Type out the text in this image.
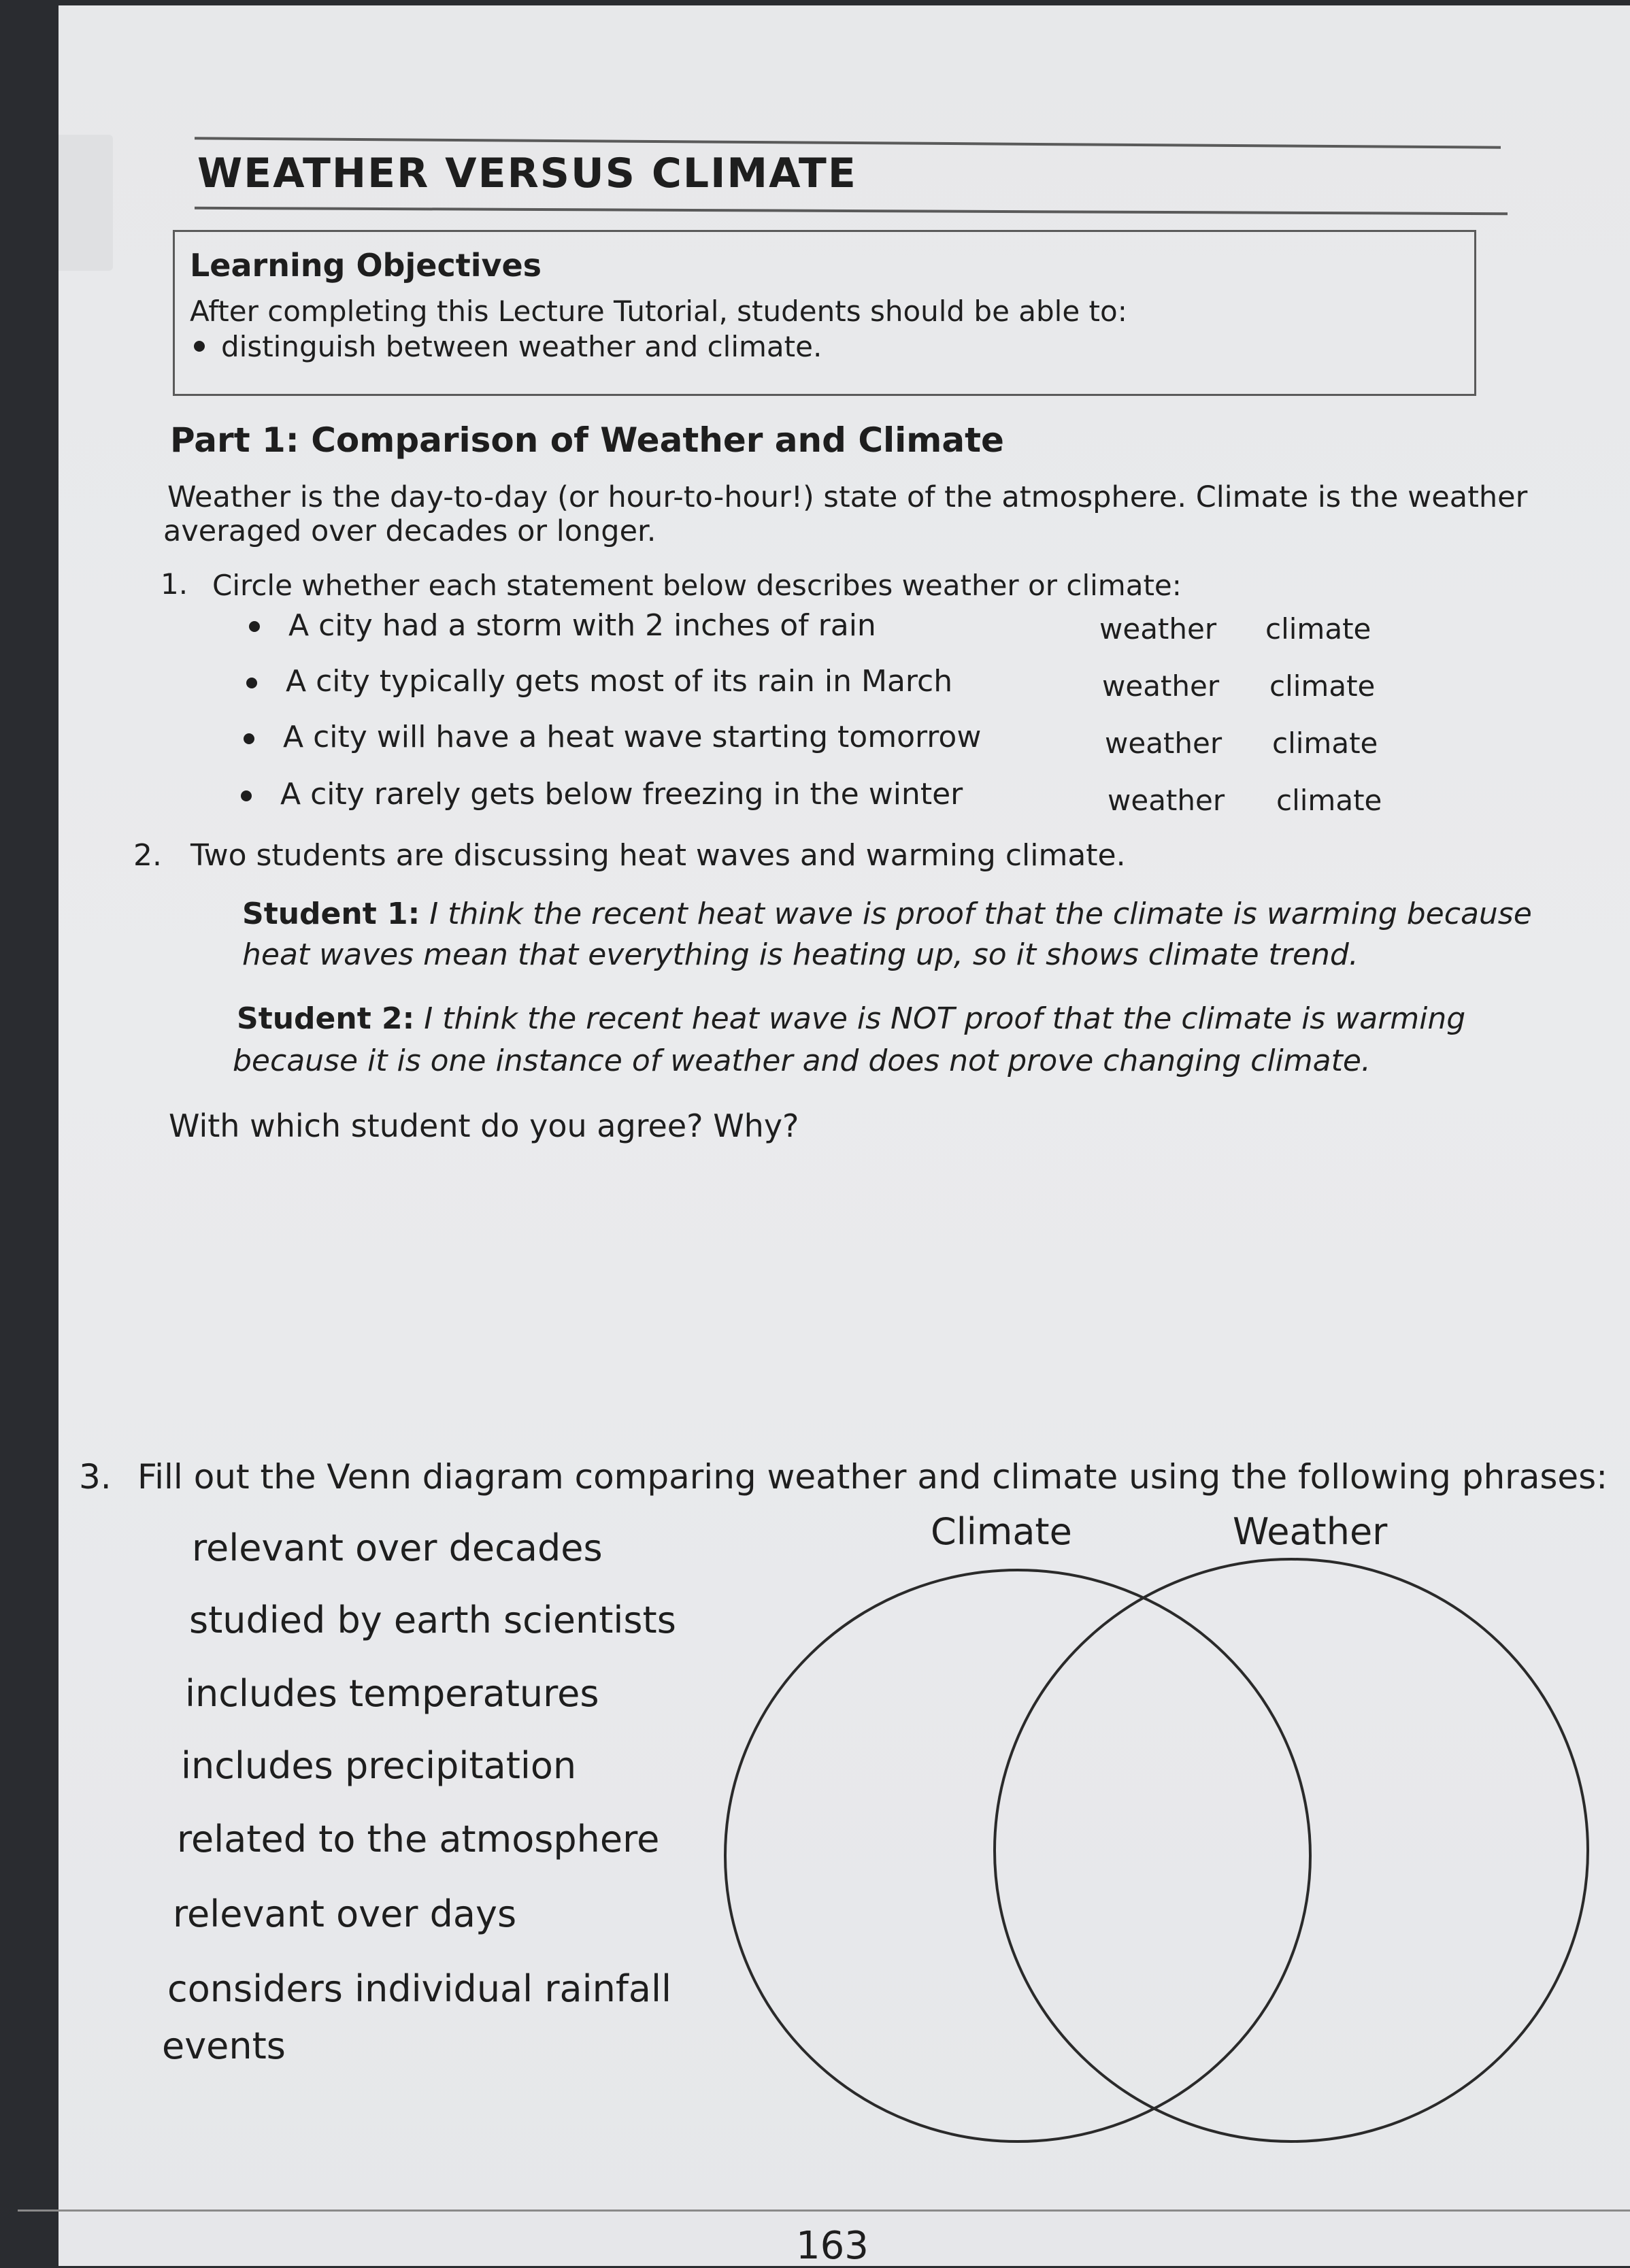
WEATHER VERSUS CLIMATE
Learning Objectives
After completing this Lecture Tutorial, students should be able to:
distinguish between weather and climate.
Part 1: Comparison of Weather and Climate
Weather is the day-to-day (or hour-to-hour!) state of the atmosphere. Climate is the weather
averaged over decades or longer.
1. Circle whether each statement below describes weather or climate:
A city had a storm with 2 inches of rain	weather climate
A city typically gets most of its rain in March	weather climate
A city will have a heat wave starting tomorrow	weather climate
A city rarely gets below freezing in the winter	weather climate
2. Two students are discussing heat waves and warming climate.
Student 1: I think the recent heat wave is proof that the climate is warming because
heat waves mean that everything is heating up, so it shows climate trend.
Student 2: I think the recent heat wave is NOT proof that the climate is warming
because it is one instance of weather and does not prove changing climate.
With which student do you agree? Why?
3. Fill out the Venn diagram comparing weather and climate using the following phrases:
relevant over decades
studied by earth scientists
includes temperatures
includes precipitation
related to the atmosphere
relevant over days
considers individual rainfall
events
Climate	Weather
163
